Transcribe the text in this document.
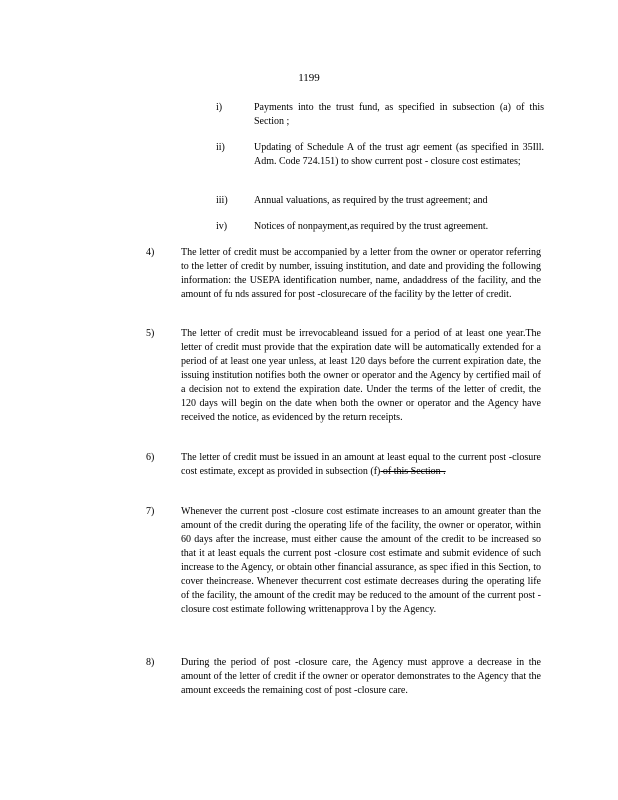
1199
i)	Payments into the trust fund, as specified in subsection (a) of this Section ;
ii)	Updating of Schedule A of the trust agr eement (as specified in 35Ill. Adm. Code 724.151) to show current post - closure cost estimates;
iii)	Annual valuations, as required by the trust agreement; and
iv)	Notices of nonpayment,as required by the trust agreement.
4)	The letter of credit must be accompanied by a letter from the owner or operator referring to the letter of credit by number, issuing institution, and date and providing the following information: the USEPA identification number, name, andaddress of the facility, and the amount of fu nds assured for post -closurecare of the facility by the letter of credit.
5)	The letter of credit must be irrevocableand issued for a period of at least one year.The letter of credit must provide that the expiration date will be automatically extended for a period of at least one year unless, at least 120 days before the current expiration date, the issuing institution notifies both the owner or operator and the Agency by certified mail of a decision not to extend the expiration date. Under the terms of the letter of credit, the 120 days will begin on the date when both the owner or operator and the Agency have received the notice, as evidenced by the return receipts.
6)	The letter of credit must be issued in an amount at least equal to the current post -closure cost estimate, except as provided in subsection (f) of this Section .
7)	Whenever the current post -closure cost estimate increases to an amount greater than the amount of the credit during the operating life of the facility, the owner or operator, within 60 days after the increase, must either cause the amount of the credit to be increased so that it at least equals the current post -closure cost estimate and submit evidence of such increase to the Agency, or obtain other financial assurance, as spec ified in this Section, to cover theincrease. Whenever thecurrent cost estimate decreases during the operating life of the facility, the amount of the credit may be reduced to the amount of the current post -closure cost estimate following writtenapprova l by the Agency.
8)	During the period of post -closure care, the Agency must approve a decrease in the amount of the letter of credit if the owner or operator demonstrates to the Agency that the amount exceeds the remaining cost of post -closure care.
